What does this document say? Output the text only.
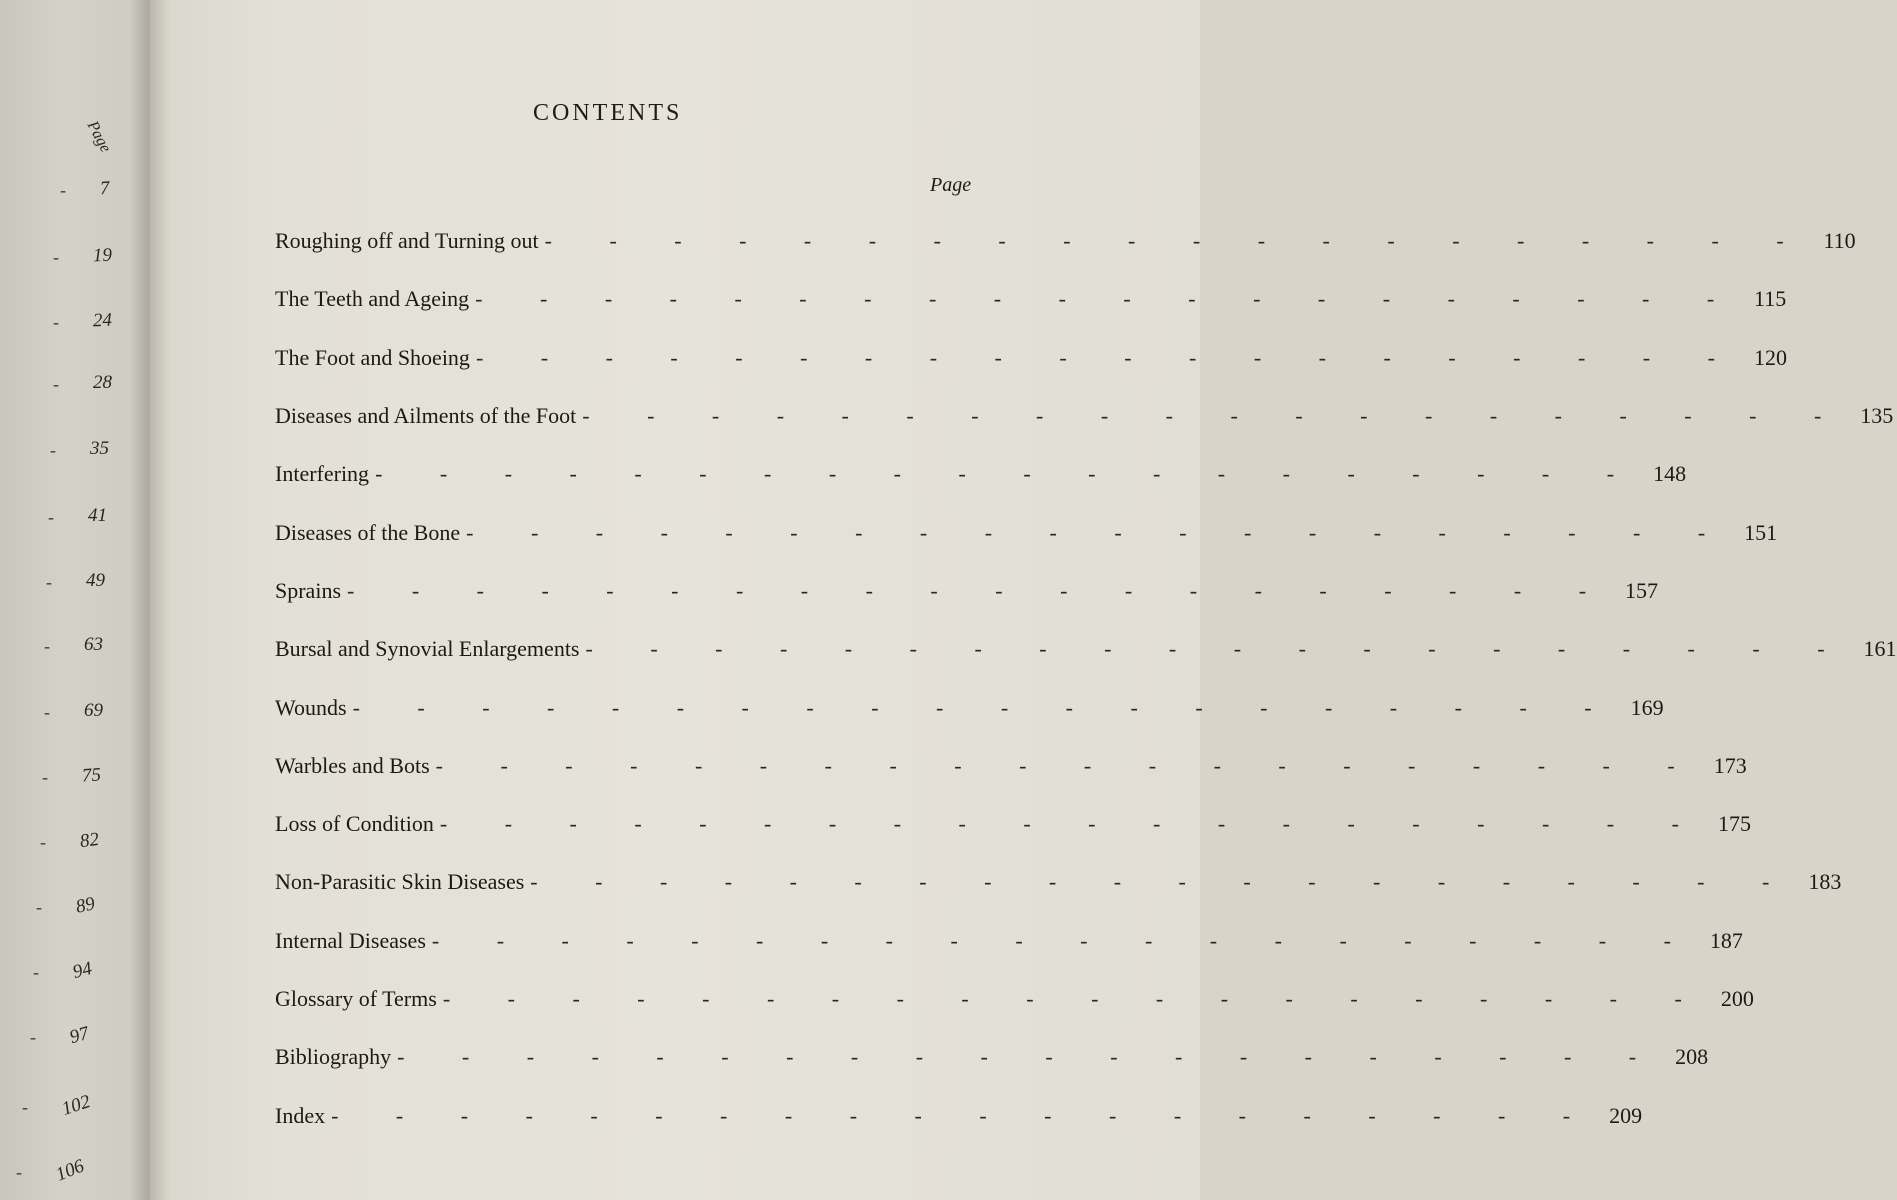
Page
7
-
19
-
24
-
28
-
35
-
41
-
49
-
63
-
69
-
75
-
82
-
89
-
94
-
97
-
102
-
106
-
CONTENTS
Page
Roughing off and Turning out - - - - - - - - - - - - - - - - - - - - 110
The Teeth and Ageing - - - - - - - - - - - - - - - - - - - - 115
The Foot and Shoeing - - - - - - - - - - - - - - - - - - - - 120
Diseases and Ailments of the Foot - - - - - - - - - - - - - - - - - - - - 135
Interfering - - - - - - - - - - - - - - - - - - - - 148
Diseases of the Bone - - - - - - - - - - - - - - - - - - - - 151
Sprains - - - - - - - - - - - - - - - - - - - - 157
Bursal and Synovial Enlargements - - - - - - - - - - - - - - - - - - - - 161
Wounds - - - - - - - - - - - - - - - - - - - - 169
Warbles and Bots - - - - - - - - - - - - - - - - - - - - 173
Loss of Condition - - - - - - - - - - - - - - - - - - - - 175
Non-Parasitic Skin Diseases - - - - - - - - - - - - - - - - - - - - 183
Internal Diseases - - - - - - - - - - - - - - - - - - - - 187
Glossary of Terms - - - - - - - - - - - - - - - - - - - - 200
Bibliography - - - - - - - - - - - - - - - - - - - - 208
Index - - - - - - - - - - - - - - - - - - - - 209
